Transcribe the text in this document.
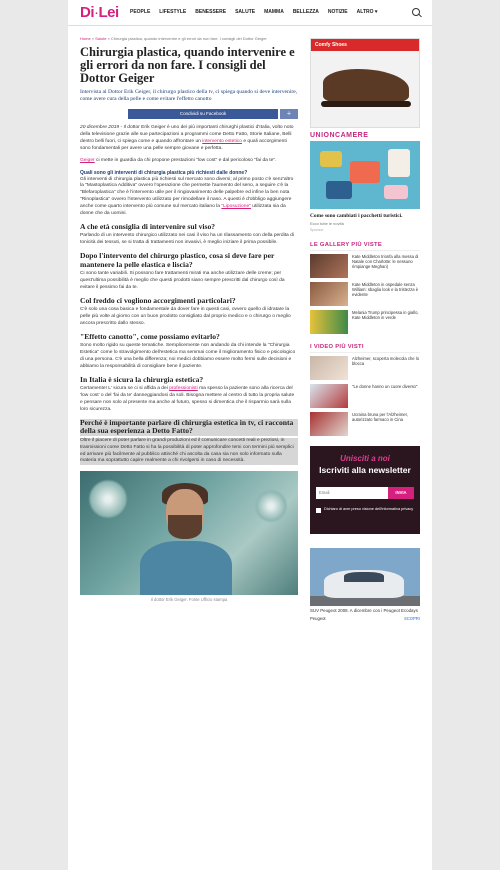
Di·Lei PEOPLE LIFESTYLE BENESSERE SALUTE MAMMA BELLEZZA NOTIZIE ALTRO ▾
Home » Salute » Chirurgia plastica, quando intervenire e gli errori da non fare. I consigli del Dottor Geiger
Chirurgia plastica, quando intervenire e gli errori da non fare. I consigli del Dottor Geiger
Intervista al Dottor Erik Geiger, il chirurgo plastico della tv, ci spiega quando si deve intervenire, come avere cura della pelle e come evitare l'effetto canotto
Condividi su Facebook	+

20 dicembre 2019 - Il dottor Erik Geiger è uno dei più importanti chirurghi plastici d'Italia, volto noto della televisione grazie alle sue partecipazioni a programmi come Detto Fatto, Storie Italiane, Belli dentro belli fuori, ci spiega come e quando affrontare un intervento estetico e quali accorgimenti sono fondamentali per avere una pelle sempre giovane e perfetta.

Geiger ci mette in guardia da chi propone prestazioni "low cost" e dal pericoloso "fai da te".

Quali sono gli interventi di chirurgia plastica più richiesti dalle donne?

Gli interventi di chirurgia plastica più richiesti sul mercato sono diversi; al primo posto c'è senz'altro la "Mastoplastica Additiva" ovvero l'operazione che permette l'aumento del seno, a seguire c'è la "Blefaroplastica" che è l'intervento utile per il ringiovanimento delle palpebre ed infine la ben nota "Rinoplastica" ovvero l'intervento utilizzato per rimodellare il naso. A questi è d'obbligo aggiungere anche come quarto intervento più comune sul mercato italiano la "Liposuzione" utilizzata sia da donne che da uomini.

A che età consiglia di intervenire sul viso?

Parlando di un intervento chirurgico utilizzato nei casi il viso ha un rilassamento con della perdita di tonicità dei tessuti, se si tratta di trattamenti non invasivi, è meglio iniziare il prima possibile.

Dopo l'intervento del chirurgo plastico, cosa si deve fare per mantenere la pelle elastica e liscia?

Ci sono tante variabili. Si possono fare trattamenti mirati ma anche utilizzare delle creme; per quest'ultima possibilità è meglio che questi prodotti siano sempre prescritti dal chirurgo così da evitare il pessimo fai da te.

Col freddo ci vogliono accorgimenti particolari?

C'è solo una cosa basica e fondamentale da dover fare in questi casi, ovvero quello di idratare la pelle più volte al giorno con un buon prodotto consigliato dal proprio medico e o chirurgo o meglio ancora prescritto dallo stesso.

"Effetto canotto", come possiamo evitarlo?

Sono molto rigido su queste tematiche. Semplicemente non andando da chi intende la "Chirurgia Estetica" come lo stravolgimento dell'estetica ma semmai come il miglioramento fisico e psicologico di una persona. C'è una bella differenza; noi medici dobbiamo essere molto fermi sulle decisioni e abbiamo la responsabilità di consigliare bene il paziente.

In Italia è sicura la chirurgia estetica?

Certamente! L' sicura se ci si affida a dei professionisti ma spesso la paziente sono alla ricerca del 'low cost' o del 'fai da te' danneggiandosi da soli. Bisogna mettere al centro di tutto la propria salute e pensare non solo al presente ma anche al futuro, spesso si dimentica che il risparmio sarà sulla loro sicurezza.

Perché è importante parlare di chirurgia estetica in tv, ci racconta della sua esperienza a Detto Fatto?

Oltre il piacere di poter parlare in grandi produzioni ed il comunicare concetti reali e preziosi, in trasmissioni come Detto Fatto si ha la possibilità di poter approfondire temi con termini più semplici ed arrivare più facilmente al pubblico attinché chi ascolta da casa sia non solo informato sulla materia ma soprattutto capire realmente a chi rivolgersi in caso di necessità.

Il dottor Erik Geiger. Fonte Ufficio stampa
Comfy Shoes
UNIONCAMERE
Come sono cambiati i pacchetti turistici.
Ecco tutte le novità
Sponsor
LE GALLERY PIÙ VISTE
Kate Middleton trionfa alla messa di Natale con Charlotte: le nessuno rimpiange Meghan)
Kate Middleton in ospedale senza William: sbaglia look e la tristezza è evidente
Melania Trump principessa in giallo, Kate Middleton in verde
I VIDEO PIÙ VISTI
Alzheimer, scoperta molecola che lo blocca
"Le donne hanno un cuore diverso"
Ucraina bruna per l'Alzheimer, autorizzato farmaco in Cina
Unisciti a noi
Iscriviti alla newsletter
Email	INVIA
Dichiaro di aver preso visione dell'informativa privacy
SUV Peugeot 2008. A dicembre con i Peugeot Ecodays
Peugeot	SCOPRI
